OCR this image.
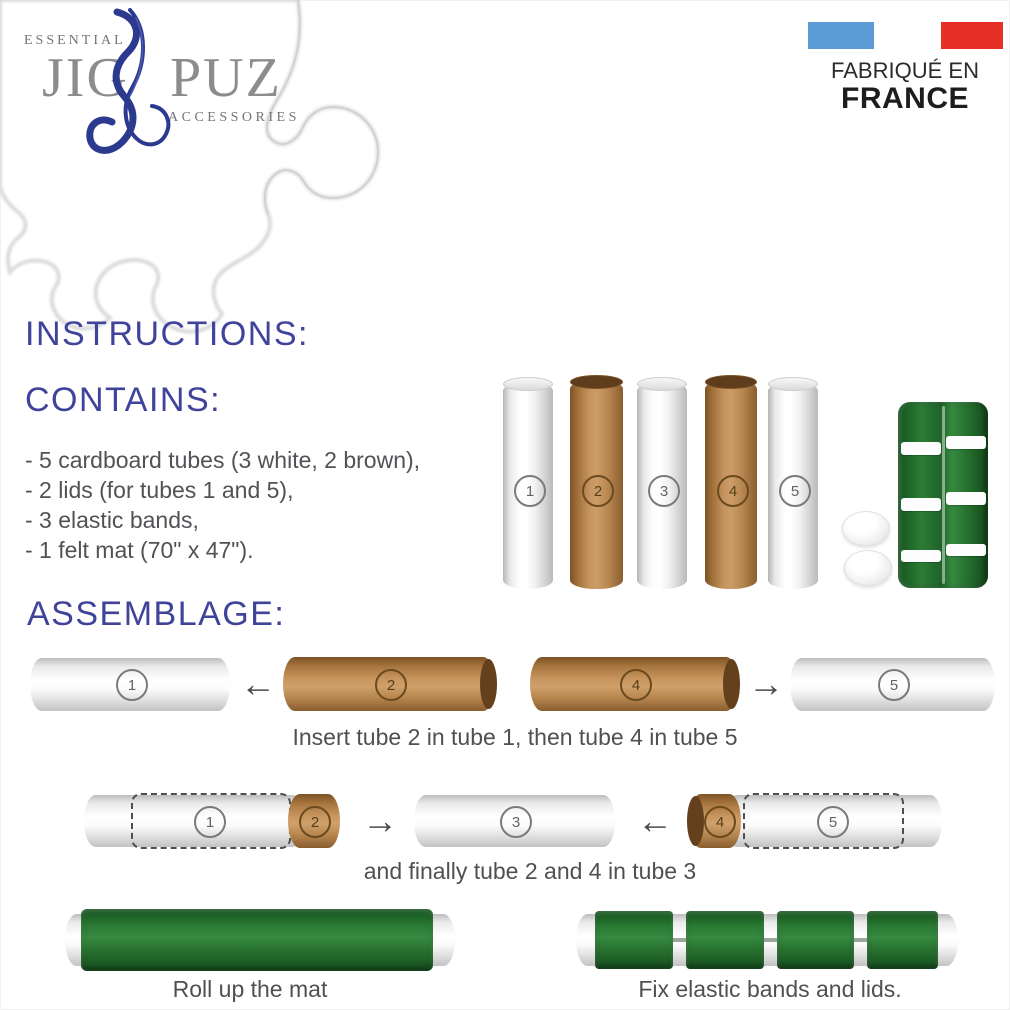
ESSENTIAL
JIG PUZ
ACCESSORIES
FABRIQUÉ EN
FRANCE
INSTRUCTIONS:
CONTAINS:
- 5 cardboard tubes (3 white, 2 brown),
- 2 lids (for tubes 1 and 5),
- 3 elastic bands,
- 1 felt mat (70" x 47").
1	2	3	4	5
ASSEMBLAGE:
1	←	2	4	→	5
Insert tube 2 in tube 1, then tube 4 in tube 5
2
1	→	3	←	4	5
and finally tube 2 and 4 in tube 3
Roll up the mat	Fix elastic bands and lids.
